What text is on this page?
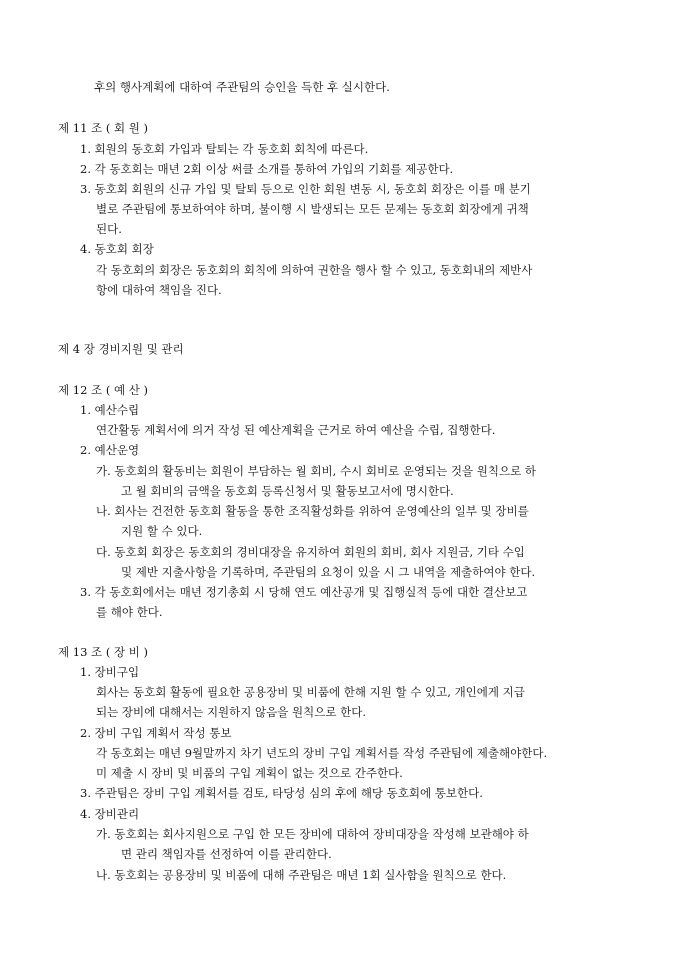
후의 행사계획에 대하여 주관팀의 승인을 득한 후 실시한다.

제 11 조 ( 회 원 )

1. 회원의 동호회 가입과 탈퇴는 각 동호회 회칙에 따른다.

2. 각 동호회는 매년 2회 이상 써클 소개를 통하여 가입의 기회를 제공한다.

3. 동호회 회원의 신규 가입 및 탈퇴 등으로 인한 회원 변동 시, 동호회 회장은 이를 매 분기

별로 주관팀에 통보하여야 하며, 불이행 시 발생되는 모든 문제는 동호회 회장에게 귀책

된다.

4. 동호회 회장

각 동호회의 회장은 동호회의 회칙에 의하여 권한을 행사 할 수 있고, 동호회내의 제반사

항에 대하여 책임을 진다.

제 4 장 경비지원 및 관리

제 12 조 ( 예 산 )

1. 예산수립

연간활동 계획서에 의거 작성 된 예산계획을 근거로 하여 예산을 수립, 집행한다.

2. 예산운영

가. 동호회의 활동비는 회원이 부담하는 월 회비, 수시 회비로 운영되는 것을 원칙으로 하

고 월 회비의 금액을 동호회 등록신청서 및 활동보고서에 명시한다.

나. 회사는 건전한 동호회 활동을 통한 조직활성화를 위하여 운영예산의 일부 및 장비를

지원 할 수 있다.

다. 동호회 회장은 동호회의 경비대장을 유지하여 회원의 회비, 회사 지원금, 기타 수입

및 제반 지출사항을 기록하며, 주관팀의 요청이 있을 시 그 내역을 제출하여야 한다.

3. 각 동호회에서는 매년 정기총회 시 당해 연도 예산공개 및 집행실적 등에 대한 결산보고

를 해야 한다.

제 13 조 ( 장 비 )

1. 장비구입

회사는 동호회 활동에 필요한 공용장비 및 비품에 한해 지원 할 수 있고, 개인에게 지급

되는 장비에 대해서는 지원하지 않음을 원칙으로 한다.

2. 장비 구입 계획서 작성 통보

각 동호회는 매년 9월말까지 차기 년도의 장비 구입 계획서를 작성 주관팀에 제출해야한다.

미 제출 시 장비 및 비품의 구입 계획이 없는 것으로 간주한다.

3. 주관팀은 장비 구입 계획서를 검토, 타당성 심의 후에 해당 동호회에 통보한다.

4. 장비관리

가. 동호회는 회사지원으로 구입 한 모든 장비에 대하여 장비대장을 작성해 보관해야 하

면 관리 책임자를 선정하여 이를 관리한다.

나. 동호회는 공용장비 및 비품에 대해 주관팀은 매년 1회 실사함을 원칙으로 한다.
